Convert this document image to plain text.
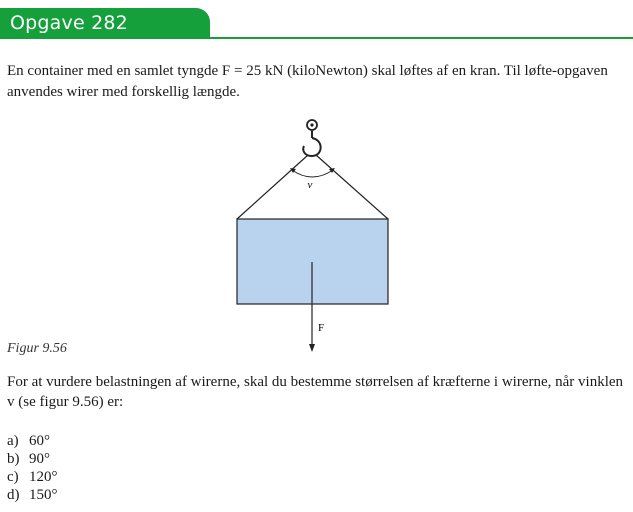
Opgave 282

En container med en samlet tyngde F = 25 kN (kiloNewton) skal løftes af en kran. Til løfte-opgaven anvendes wirer med forskellig længde.

v
F
Figur 9.56

For at vurdere belastningen af wirerne, skal du bestemme størrelsen af kræfterne i wirerne, når vinklen v (se figur 9.56) er:

a) 60°
b) 90°
c) 120°
d) 150°
